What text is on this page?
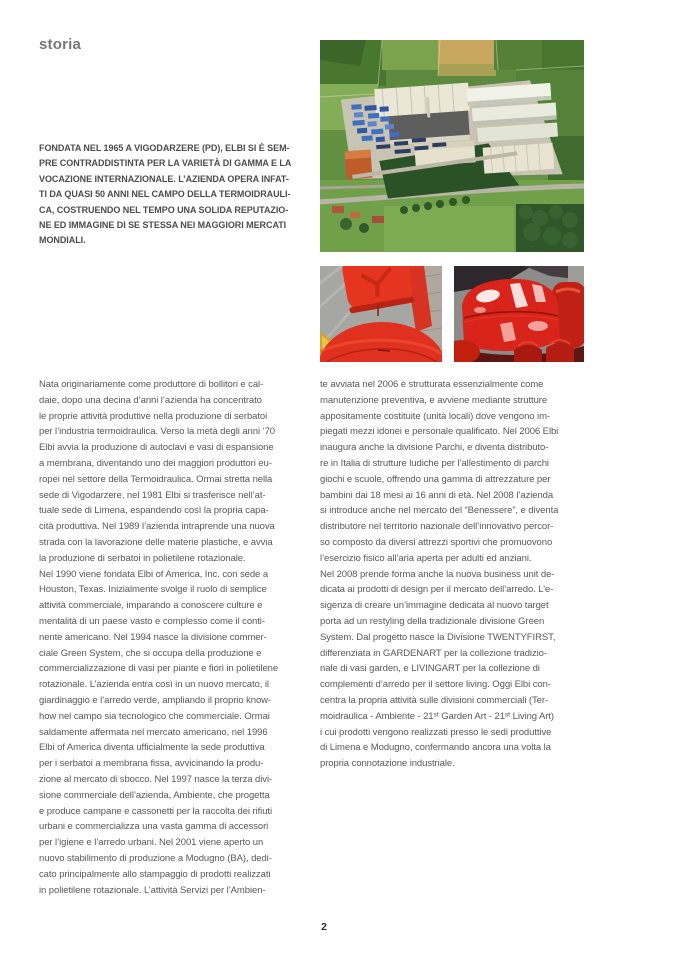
storia
FONDATA NEL 1965 A VIGODARZERE (PD), ELBI SI È SEM-
PRE CONTRADDISTINTA PER LA VARIETÀ DI GAMMA E LA
VOCAZIONE INTERNAZIONALE. L’AZIENDA OPERA INFAT-
TI DA QUASI 50 ANNI NEL CAMPO DELLA TERMOIDRAULI-
CA, COSTRUENDO NEL TEMPO UNA SOLIDA REPUTAZIO-
NE ED IMMAGINE DI SE STESSA NEI MAGGIORI MERCATI
MONDIALI.
Nata originariamente come produttore di bollitori e cal-
daie, dopo una decina d’anni l’azienda ha concentrato
le proprie attività produttive nella produzione di serbatoi
per l’industria termoidraulica. Verso la metà degli anni ‘70
Elbi avvia la produzione di autoclavi e vasi di espansione
a membrana, diventando uno dei maggiori produttori eu-
ropei nel settore della Termoidraulica. Ormai stretta nella
sede di Vigodarzere, nel 1981 Elbi si trasferisce nell’at-
tuale sede di Limena, espandendo così la propria capa-
cità produttiva. Nel 1989 l’azienda intraprende una nuova
strada con la lavorazione delle materie plastiche, e avvia
la produzione di serbatoi in polietilene rotazionale.
Nel 1990 viene fondata Elbi of America, Inc. con sede a
Houston, Texas. Inizialmente svolge il ruolo di semplice
attività commerciale, imparando a conoscere culture e
mentalità di un paese vasto e complesso come il conti-
nente americano. Nel 1994 nasce la divisione commer-
ciale Green System, che si occupa della produzione e
commercializzazione di vasi per piante e fiori in polietilene
rotazionale. L’azienda entra così in un nuovo mercato, il
giardinaggio e l’arredo verde, ampliando il proprio know-
how nel campo sia tecnologico che commerciale. Ormai
saldamente affermata nel mercato americano, nel 1996
Elbi of America diventa ufficialmente la sede produttiva
per i serbatoi a membrana fissa, avvicinando la produ-
zione al mercato di sbocco. Nel 1997 nasce la terza divi-
sione commerciale dell’azienda, Ambiente, che progetta
e produce campane e cassonetti per la raccolta dei rifiuti
urbani e commercializza una vasta gamma di accessori
per l’igiene e l’arredo urbani. Nel 2001 viene aperto un
nuovo stabilimento di produzione a Modugno (BA), dedi-
cato principalmente allo stampaggio di prodotti realizzati
in polietilene rotazionale. L’attività Servizi per l’Ambien-
te avviata nel 2006 è strutturata essenzialmente come
manutenzione preventiva, e avviene mediante strutture
appositamente costituite (unità locali) dove vengono im-
piegati mezzi idonei e personale qualificato. Nel 2006 Elbi
inaugura anche la divisione Parchi, e diventa distributo-
re in Italia di strutture ludiche per l’allestimento di parchi
giochi e scuole, offrendo una gamma di attrezzature per
bambini dai 18 mesi ai 16 anni di età. Nel 2008 l’azienda
si introduce anche nel mercato del “Benessere”, e diventa
distributore nel territorio nazionale dell’innovativo percor-
so composto da diversi attrezzi sportivi che promuovono
l’esercizio fisico all’aria aperta per adulti ed anziani.
Nel 2008 prende forma anche la nuova business unit de-
dicata ai prodotti di design per il mercato dell’arredo. L’e-
sigenza di creare un’immagine dedicata al nuovo target
porta ad un restyling della tradizionale divisione Green
System. Dal progetto nasce la Divisione TWENTYFIRST,
differenziata in GARDENART per la collezione tradizio-
nale di vasi garden, e LIVINGART per la collezione di
complementi d’arredo per il settore living. Oggi Elbi con-
centra la propria attività sulle divisioni commerciali (Ter-
moidraulica - Ambiente - 21ˢᵗ Garden Art - 21ˢᵗ Living Art)
i cui prodotti vengono realizzati presso le sedi produttive
di Limena e Modugno, confermando ancora una volta la
propria connotazione industriale.
2
